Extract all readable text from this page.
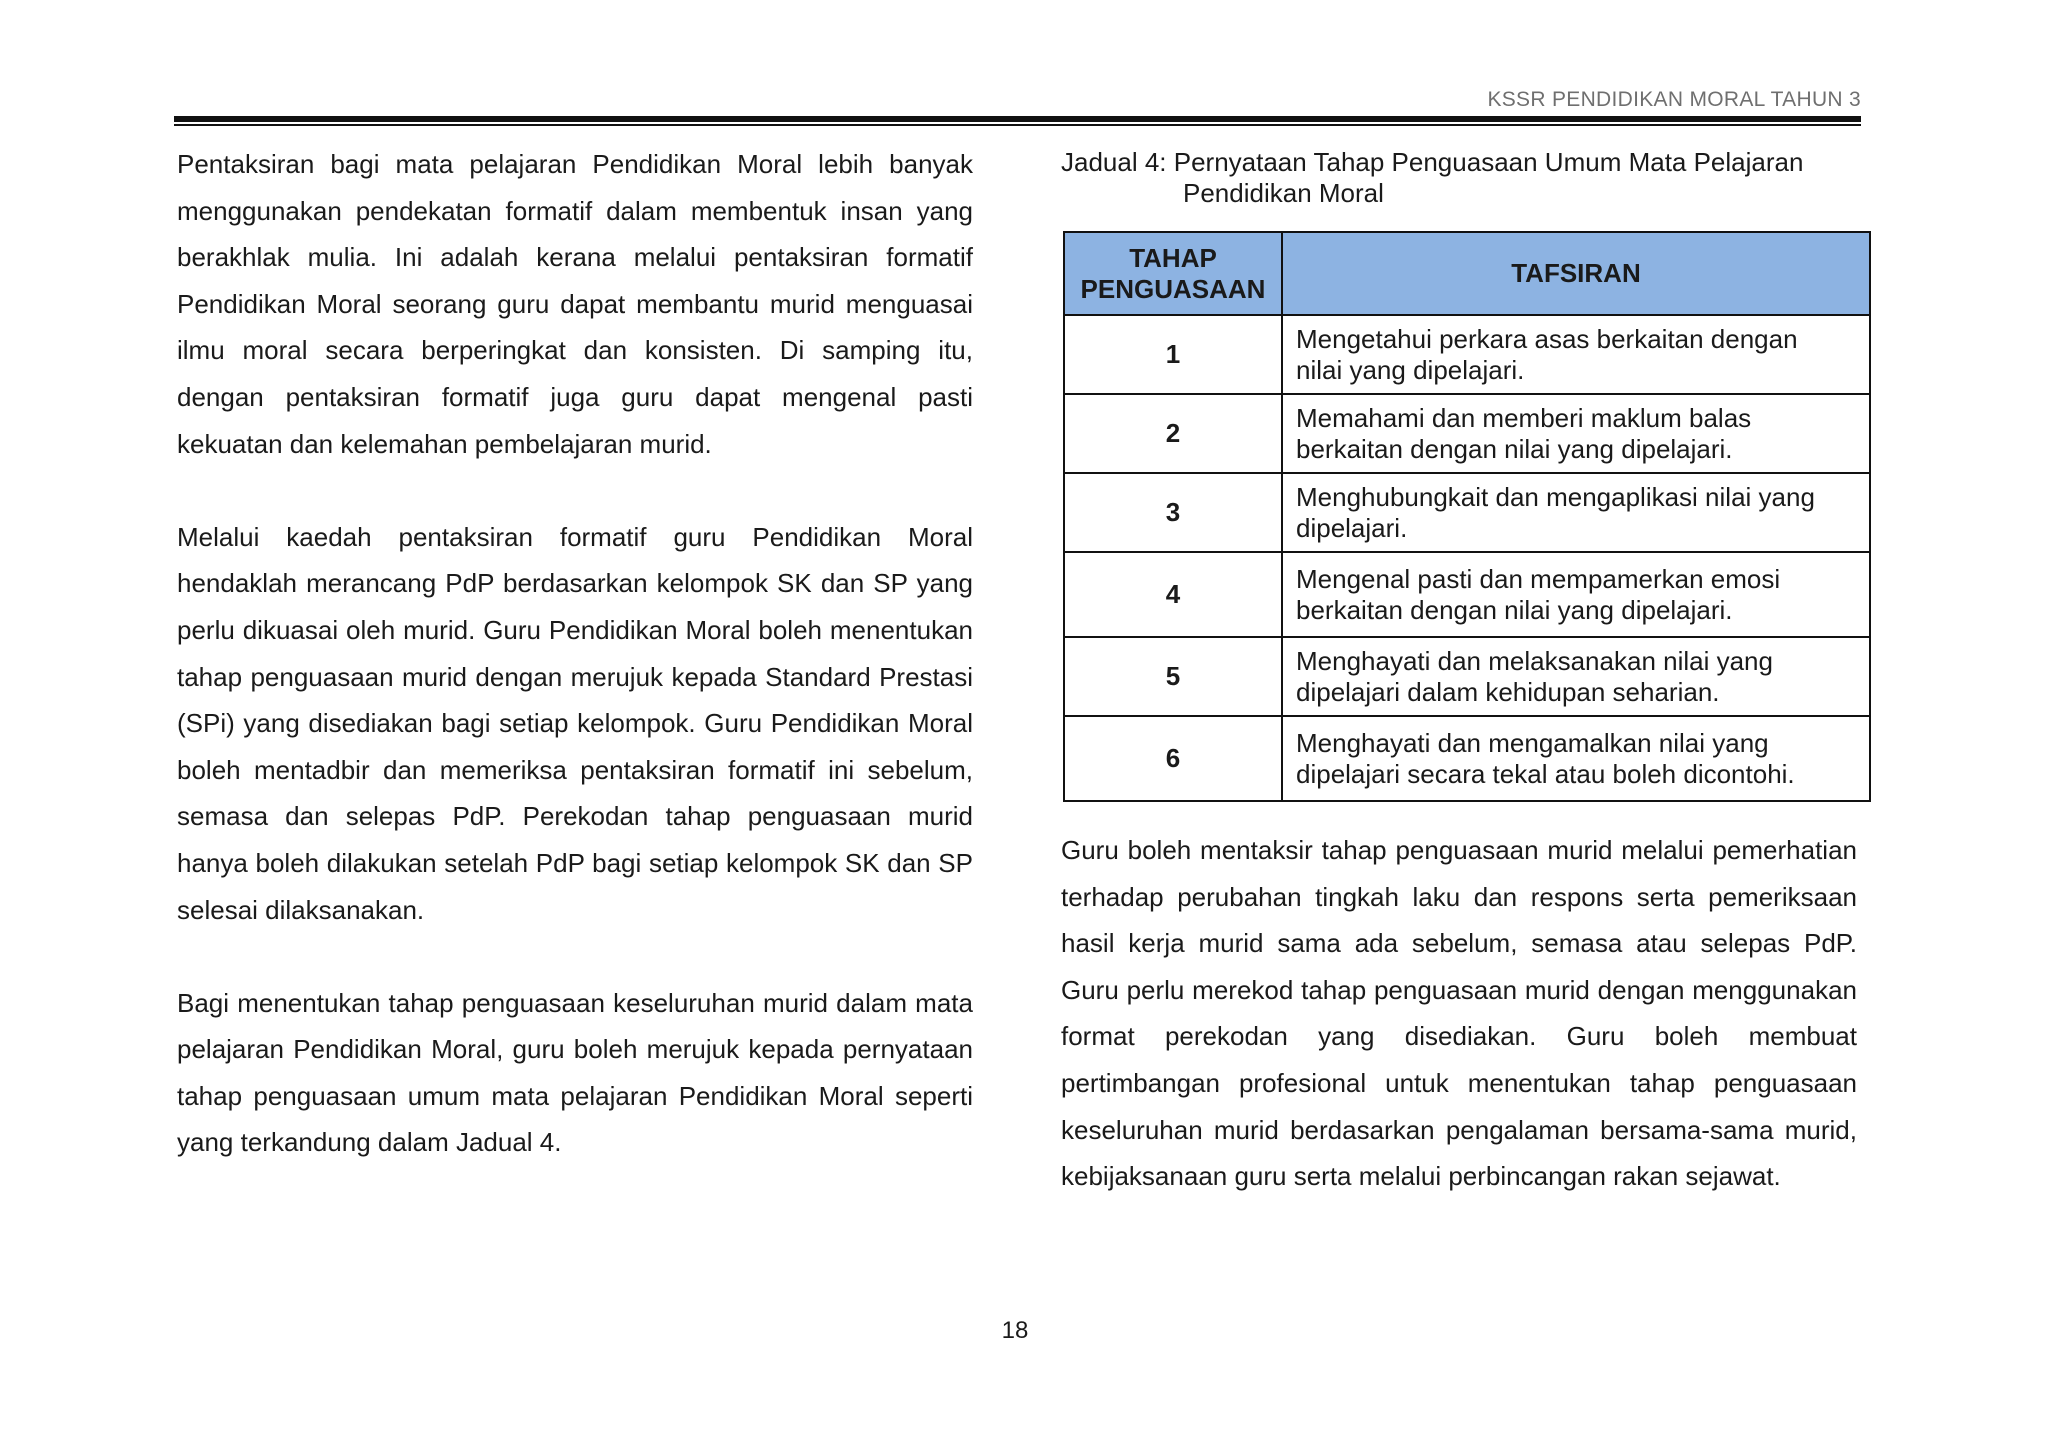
KSSR PENDIDIKAN MORAL TAHUN 3

Pentaksiran bagi mata pelajaran Pendidikan Moral lebih banyak menggunakan pendekatan formatif dalam membentuk insan yang berakhlak mulia. Ini adalah kerana melalui pentaksiran formatif Pendidikan Moral seorang guru dapat membantu murid menguasai ilmu moral secara berperingkat dan konsisten. Di samping itu, dengan pentaksiran formatif juga guru dapat mengenal pasti kekuatan dan kelemahan pembelajaran murid.

Melalui kaedah pentaksiran formatif guru Pendidikan Moral hendaklah merancang PdP berdasarkan kelompok SK dan SP yang perlu dikuasai oleh murid. Guru Pendidikan Moral boleh menentukan tahap penguasaan murid dengan merujuk kepada Standard Prestasi (SPi) yang disediakan bagi setiap kelompok. Guru Pendidikan Moral boleh mentadbir dan memeriksa pentaksiran formatif ini sebelum, semasa dan selepas PdP. Perekodan tahap penguasaan murid hanya boleh dilakukan setelah PdP bagi setiap kelompok SK dan SP selesai dilaksanakan.

Bagi menentukan tahap penguasaan keseluruhan murid dalam mata pelajaran Pendidikan Moral, guru boleh merujuk kepada pernyataan tahap penguasaan umum mata pelajaran Pendidikan Moral seperti yang terkandung dalam Jadual 4.

Jadual 4: Pernyataan Tahap Penguasaan Umum Mata Pelajaran
Pendidikan Moral
TAHAP
PENGUASAAN	TAFSIRAN
1	Mengetahui perkara asas berkaitan dengan
nilai yang dipelajari.

2	Memahami dan memberi maklum balas
berkaitan dengan nilai yang dipelajari.

3	Menghubungkait dan mengaplikasi nilai yang
dipelajari.

4	Mengenal pasti dan mempamerkan emosi
berkaitan dengan nilai yang dipelajari.

5	Menghayati dan melaksanakan nilai yang
dipelajari dalam kehidupan seharian.

6	Menghayati dan mengamalkan nilai yang
dipelajari secara tekal atau boleh dicontohi.

Guru boleh mentaksir tahap penguasaan murid melalui pemerhatian terhadap perubahan tingkah laku dan respons serta pemeriksaan hasil kerja murid sama ada sebelum, semasa atau selepas PdP. Guru perlu merekod tahap penguasaan murid dengan menggunakan format perekodan yang disediakan. Guru boleh membuat pertimbangan profesional untuk menentukan tahap penguasaan keseluruhan murid berdasarkan pengalaman bersama-sama murid, kebijaksanaan guru serta melalui perbincangan rakan sejawat.

18
